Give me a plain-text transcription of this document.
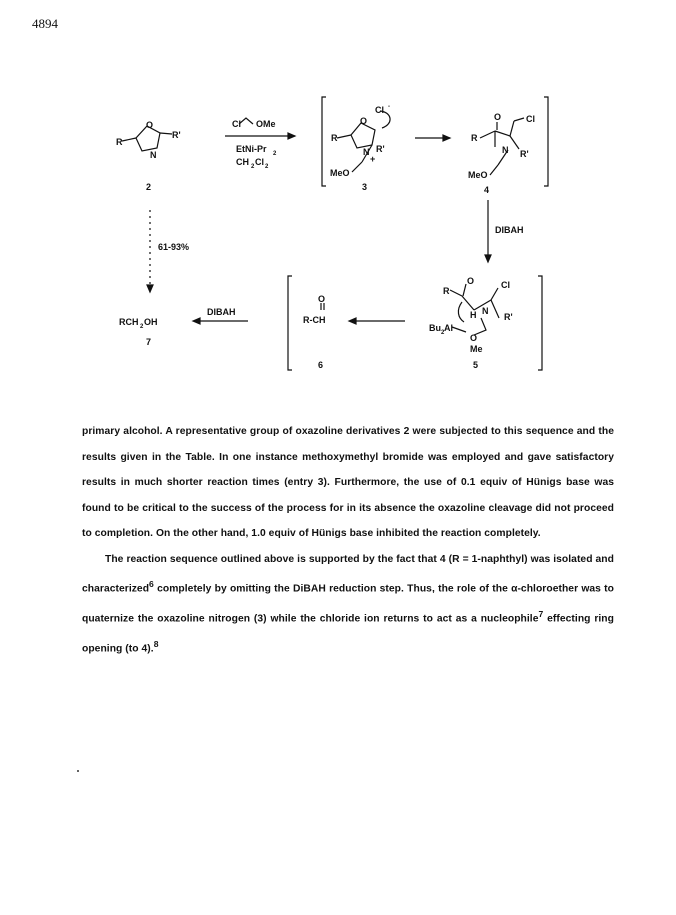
4894
O
R
R'
N
2
Cl OMe
EtNi-Pr 2
CH 2 Cl 2
Cl -
O
R
N R'
+
MeO
3
O	Cl
R
N R'
MeO
4
DIBAH
61-93%
O	Cl
R
H N
R'
Bu 2 Al
O
Me
5
O
R-CH
6
DIBAH
RCH 2 OH
7

primary alcohol. A representative group of oxazoline derivatives 2 were subjected to this sequence and the results given in the Table. In one instance methoxymethyl bromide was employed and gave satisfactory results in much shorter reaction times (entry 3). Furthermore, the use of 0.1 equiv of Hünigs base was found to be critical to the success of the process for in its absence the oxazoline cleavage did not proceed to completion. On the other hand, 1.0 equiv of Hünigs base inhibited the reaction completely.

The reaction sequence outlined above is supported by the fact that 4 (R = 1-naphthyl) was isolated and characterized$^6$ completely by omitting the DiBAH reduction step. Thus, the role of the α-chloroether was to quaternize the oxazoline nitrogen (3) while the chloride ion returns to act as a nucleophile$^7$ effecting ring opening (to 4).$^8$
